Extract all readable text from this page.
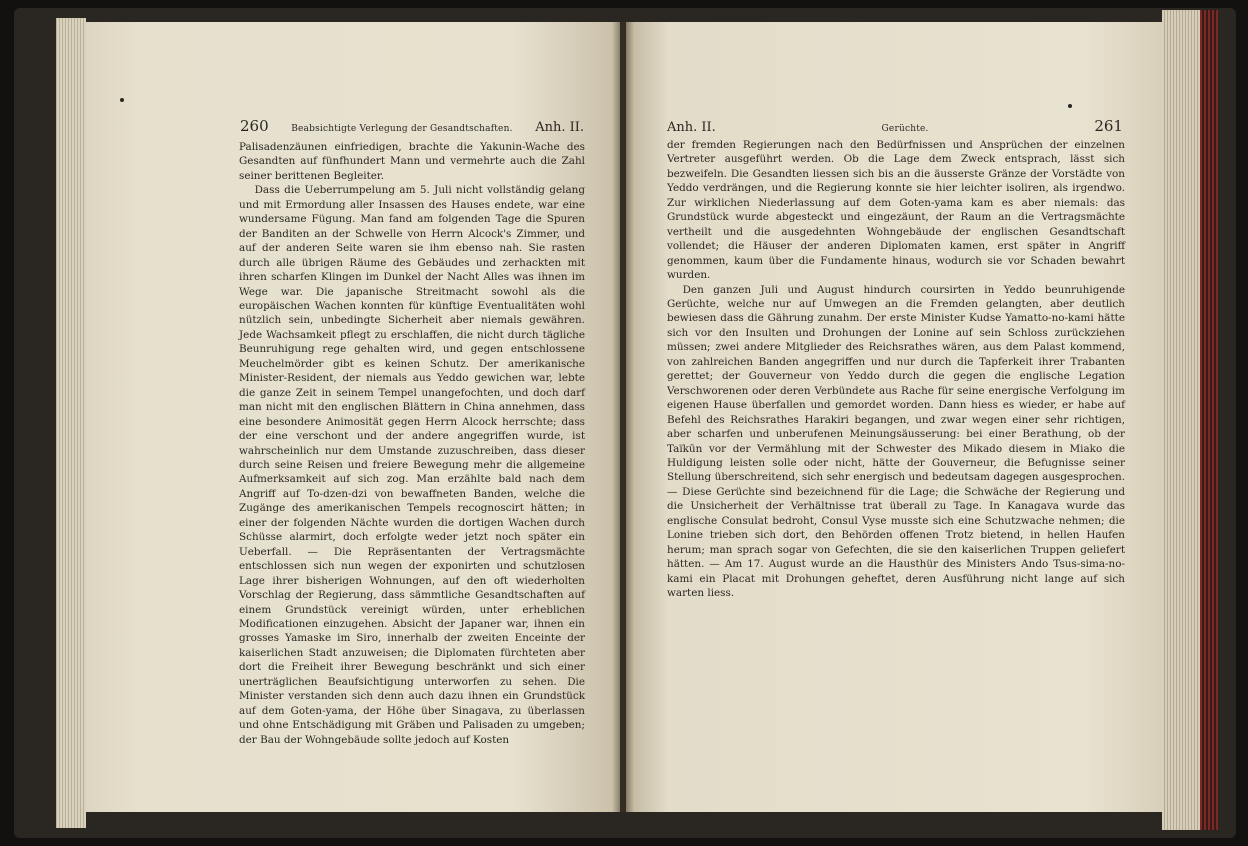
260	Beabsichtigte Verlegung der Gesandtschaften. Anh. II.

Palisadenzäunen einfriedigen, brachte die Yakunin-Wache des Gesandten auf fünfhundert Mann und vermehrte auch die Zahl seiner berittenen Begleiter.

Dass die Ueberrumpelung am 5. Juli nicht vollständig gelang und mit Ermordung aller Insassen des Hauses endete, war eine wundersame Fügung. Man fand am folgenden Tage die Spuren der Banditen an der Schwelle von Herrn Alcock's Zimmer, und auf der anderen Seite waren sie ihm ebenso nah. Sie rasten durch alle übrigen Räume des Gebäudes und zerhackten mit ihren scharfen Klingen im Dunkel der Nacht Alles was ihnen im Wege war. Die japanische Streitmacht sowohl als die europäischen Wachen konnten für künftige Eventualitäten wohl nützlich sein, unbedingte Sicherheit aber niemals gewähren. Jede Wachsamkeit pflegt zu erschlaffen, die nicht durch tägliche Beunruhigung rege gehalten wird, und gegen entschlossene Meuchelmörder gibt es keinen Schutz. Der amerikanische Minister-Resident, der niemals aus Yeddo gewichen war, lebte die ganze Zeit in seinem Tempel unangefochten, und doch darf man nicht mit den englischen Blättern in China annehmen, dass eine besondere Animosität gegen Herrn Alcock herrschte; dass der eine verschont und der andere angegriffen wurde, ist wahrscheinlich nur dem Umstande zuzuschreiben, dass dieser durch seine Reisen und freiere Bewegung mehr die allgemeine Aufmerksamkeit auf sich zog. Man erzählte bald nach dem Angriff auf To-dzen-dzi von bewaffneten Banden, welche die Zugänge des amerikanischen Tempels recognoscirt hätten; in einer der folgenden Nächte wurden die dortigen Wachen durch Schüsse alarmirt, doch erfolgte weder jetzt noch später ein Ueberfall. — Die Repräsentanten der Vertragsmächte entschlossen sich nun wegen der exponirten und schutzlosen Lage ihrer bisherigen Wohnungen, auf den oft wiederholten Vorschlag der Regierung, dass sämmtliche Gesandtschaften auf einem Grundstück vereinigt würden, unter erheblichen Modificationen einzugehen. Absicht der Japaner war, ihnen ein grosses Yamaske im Siro, innerhalb der zweiten Enceinte der kaiserlichen Stadt anzuweisen; die Diplomaten fürchteten aber dort die Freiheit ihrer Bewegung beschränkt und sich einer unerträglichen Beaufsichtigung unterworfen zu sehen. Die Minister verstanden sich denn auch dazu ihnen ein Grundstück auf dem Goten-yama, der Höhe über Sinagava, zu überlassen und ohne Entschädigung mit Gräben und Palisaden zu umgeben; der Bau der Wohngebäude sollte jedoch auf Kosten

Anh. II.	Gerüchte.	261

der fremden Regierungen nach den Bedürfnissen und Ansprüchen der einzelnen Vertreter ausgeführt werden. Ob die Lage dem Zweck entsprach, lässt sich bezweifeln. Die Gesandten liessen sich bis an die äusserste Gränze der Vorstädte von Yeddo verdrängen, und die Regierung konnte sie hier leichter isoliren, als irgendwo. Zur wirklichen Niederlassung auf dem Goten-yama kam es aber niemals: das Grundstück wurde abgesteckt und eingezäunt, der Raum an die Vertragsmächte vertheilt und die ausgedehnten Wohngebäude der englischen Gesandtschaft vollendet; die Häuser der anderen Diplomaten kamen, erst später in Angriff genommen, kaum über die Fundamente hinaus, wodurch sie vor Schaden bewahrt wurden.

Den ganzen Juli und August hindurch coursirten in Yeddo beunruhigende Gerüchte, welche nur auf Umwegen an die Fremden gelangten, aber deutlich bewiesen dass die Gährung zunahm. Der erste Minister Kudse Yamatto-no-kami hätte sich vor den Insulten und Drohungen der Lonine auf sein Schloss zurückziehen müssen; zwei andere Mitglieder des Reichsrathes wären, aus dem Palast kommend, von zahlreichen Banden angegriffen und nur durch die Tapferkeit ihrer Trabanten gerettet; der Gouverneur von Yeddo durch die gegen die englische Legation Verschworenen oder deren Verbündete aus Rache für seine energische Verfolgung im eigenen Hause überfallen und gemordet worden. Dann hiess es wieder, er habe auf Befehl des Reichsrathes Harakiri begangen, und zwar wegen einer sehr richtigen, aber scharfen und unberufenen Meinungsäusserung: bei einer Berathung, ob der Taïkūn vor der Vermählung mit der Schwester des Mikado diesem in Miako die Huldigung leisten solle oder nicht, hätte der Gouverneur, die Befugnisse seiner Stellung überschreitend, sich sehr energisch und bedeutsam dagegen ausgesprochen. — Diese Gerüchte sind bezeichnend für die Lage; die Schwäche der Regierung und die Unsicherheit der Verhältnisse trat überall zu Tage. In Kanagava wurde das englische Consulat bedroht, Consul Vyse musste sich eine Schutzwache nehmen; die Lonine trieben sich dort, den Behörden offenen Trotz bietend, in hellen Haufen herum; man sprach sogar von Gefechten, die sie den kaiserlichen Truppen geliefert hätten. — Am 17. August wurde an die Hausthür des Ministers Ando Tsus-sima-no-kami ein Placat mit Drohungen geheftet, deren Ausführung nicht lange auf sich warten liess.
